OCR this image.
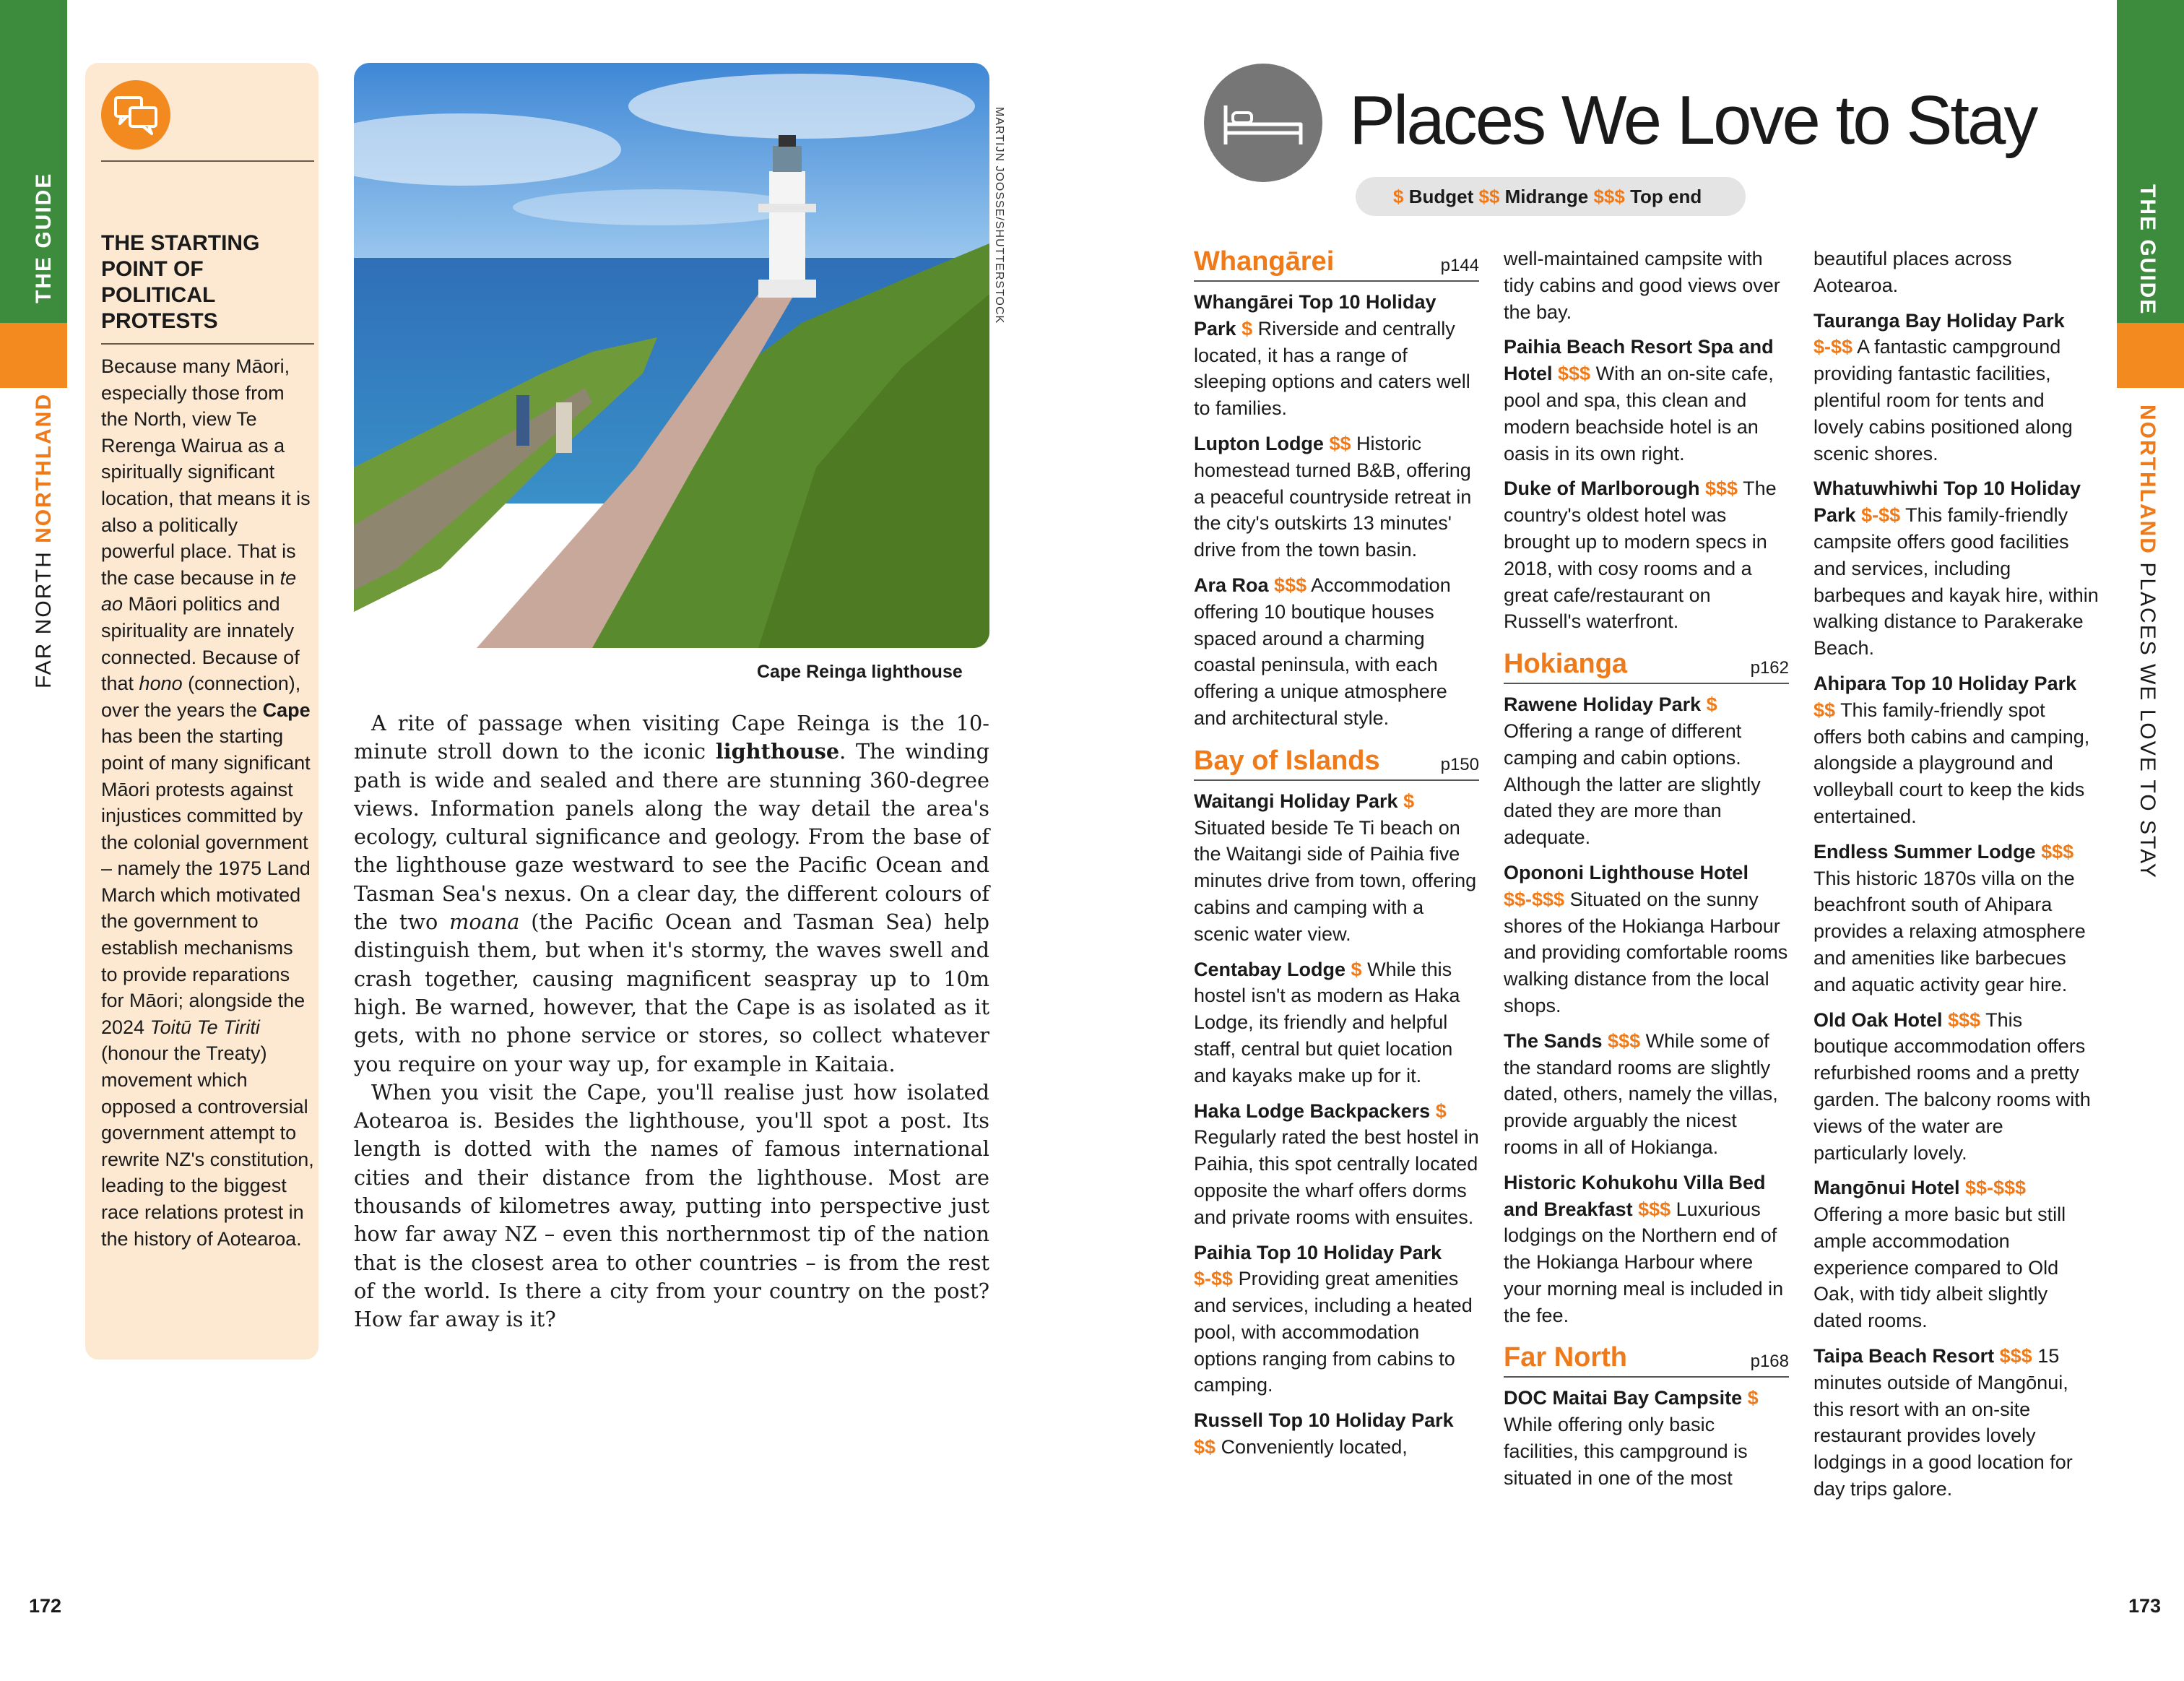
THE GUIDE
FAR NORTH NORTHLAND
THE GUIDE
NORTHLAND PLACES WE LOVE TO STAY
THE STARTING POINT OF POLITICAL PROTESTS
Because many Māori, especially those from the North, view Te Rerenga Wairua as a spiritually significant location, that means it is also a politically powerful place. That is the case because in te ao Māori politics and spirituality are innately connected. Because of that hono (connection), over the years the Cape has been the starting point of many significant Māori protests against injustices committed by the colonial government – namely the 1975 Land March which motivated the government to establish mechanisms to provide reparations for Māori; alongside the 2024 Toitū Te Tiriti (honour the Treaty) movement which opposed a controversial government attempt to rewrite NZ's constitution, leading to the biggest race relations protest in the history of Aotearoa.
MARTIJN JOOSSE/SHUTTERSTOCK
Cape Reinga lighthouse

A rite of passage when visiting Cape Reinga is the 10-minute stroll down to the iconic lighthouse. The winding path is wide and sealed and there are stunning 360-degree views. Information panels along the way detail the area's ecology, cultural significance and geology. From the base of the lighthouse gaze westward to see the Pacific Ocean and Tasman Sea's nexus. On a clear day, the different colours of the two moana (the Pacific Ocean and Tasman Sea) help distinguish them, but when it's stormy, the waves swell and crash together, causing magnificent seaspray up to 10m high. Be warned, however, that the Cape is as isolated as it gets, with no phone service or stores, so collect whatever you require on your way up, for example in Kaitaia.

When you visit the Cape, you'll realise just how isolated Aotearoa is. Besides the lighthouse, you'll spot a post. Its length is dotted with the names of famous international cities and their distance from the lighthouse. Most are thousands of kilometres away, putting into perspective just how far away NZ – even this northernmost tip of the nation that is the closest area to other countries – is from the rest of the world. Is there a city from your country on the post? How far away is it?

172	173
Places We Love to Stay
$ Budget $$ Midrange $$$ Top end
Whangārei	p144
Whangārei Top 10 Holiday Park $ Riverside and centrally located, it has a range of sleeping options and caters well to families.
Lupton Lodge $$ Historic homestead turned B&B, offering a peaceful countryside retreat in the city's outskirts 13 minutes' drive from the town basin.
Ara Roa $$$ Accommodation offering 10 boutique houses spaced around a charming coastal peninsula, with each offering a unique atmosphere and architectural style.
Bay of Islands	p150
Waitangi Holiday Park $ Situated beside Te Ti beach on the Waitangi side of Paihia five minutes drive from town, offering cabins and camping with a scenic water view.
Centabay Lodge $ While this hostel isn't as modern as Haka Lodge, its friendly and helpful staff, central but quiet location and kayaks make up for it.
Haka Lodge Backpackers $ Regularly rated the best hostel in Paihia, this spot centrally located opposite the wharf offers dorms and private rooms with ensuites.
Paihia Top 10 Holiday Park $-$$ Providing great amenities and services, including a heated pool, with accommodation options ranging from cabins to camping.
Russell Top 10 Holiday Park $$ Conveniently located,
well-maintained campsite with tidy cabins and good views over the bay.
Paihia Beach Resort Spa and Hotel $$$ With an on-site cafe, pool and spa, this clean and modern beachside hotel is an oasis in its own right.
Duke of Marlborough $$$ The country's oldest hotel was brought up to modern specs in 2018, with cosy rooms and a great cafe/restaurant on Russell's waterfront.
Hokianga	p162
Rawene Holiday Park $ Offering a range of different camping and cabin options. Although the latter are slightly dated they are more than adequate.
Opononi Lighthouse Hotel $$-$$$ Situated on the sunny shores of the Hokianga Harbour and providing comfortable rooms walking distance from the local shops.
The Sands $$$ While some of the standard rooms are slightly dated, others, namely the villas, provide arguably the nicest rooms in all of Hokianga.
Historic Kohukohu Villa Bed and Breakfast $$$ Luxurious lodgings on the Northern end of the Hokianga Harbour where your morning meal is included in the fee.
Far North	p168
DOC Maitai Bay Campsite $ While offering only basic facilities, this campground is situated in one of the most
beautiful places across Aotearoa.
Tauranga Bay Holiday Park $-$$ A fantastic campground providing fantastic facilities, plentiful room for tents and lovely cabins positioned along scenic shores.
Whatuwhiwhi Top 10 Holiday Park $-$$ This family-friendly campsite offers good facilities and services, including barbeques and kayak hire, within walking distance to Parakerake Beach.
Ahipara Top 10 Holiday Park $$ This family-friendly spot offers both cabins and camping, alongside a playground and volleyball court to keep the kids entertained.
Endless Summer Lodge $$$ This historic 1870s villa on the beachfront south of Ahipara provides a relaxing atmosphere and amenities like barbecues and aquatic activity gear hire.
Old Oak Hotel $$$ This boutique accommodation offers refurbished rooms and a pretty garden. The balcony rooms with views of the water are particularly lovely.
Mangōnui Hotel $$-$$$ Offering a more basic but still ample accommodation experience compared to Old Oak, with tidy albeit slightly dated rooms.
Taipa Beach Resort $$$ 15 minutes outside of Mangōnui, this resort with an on-site restaurant provides lovely lodgings in a good location for day trips galore.
